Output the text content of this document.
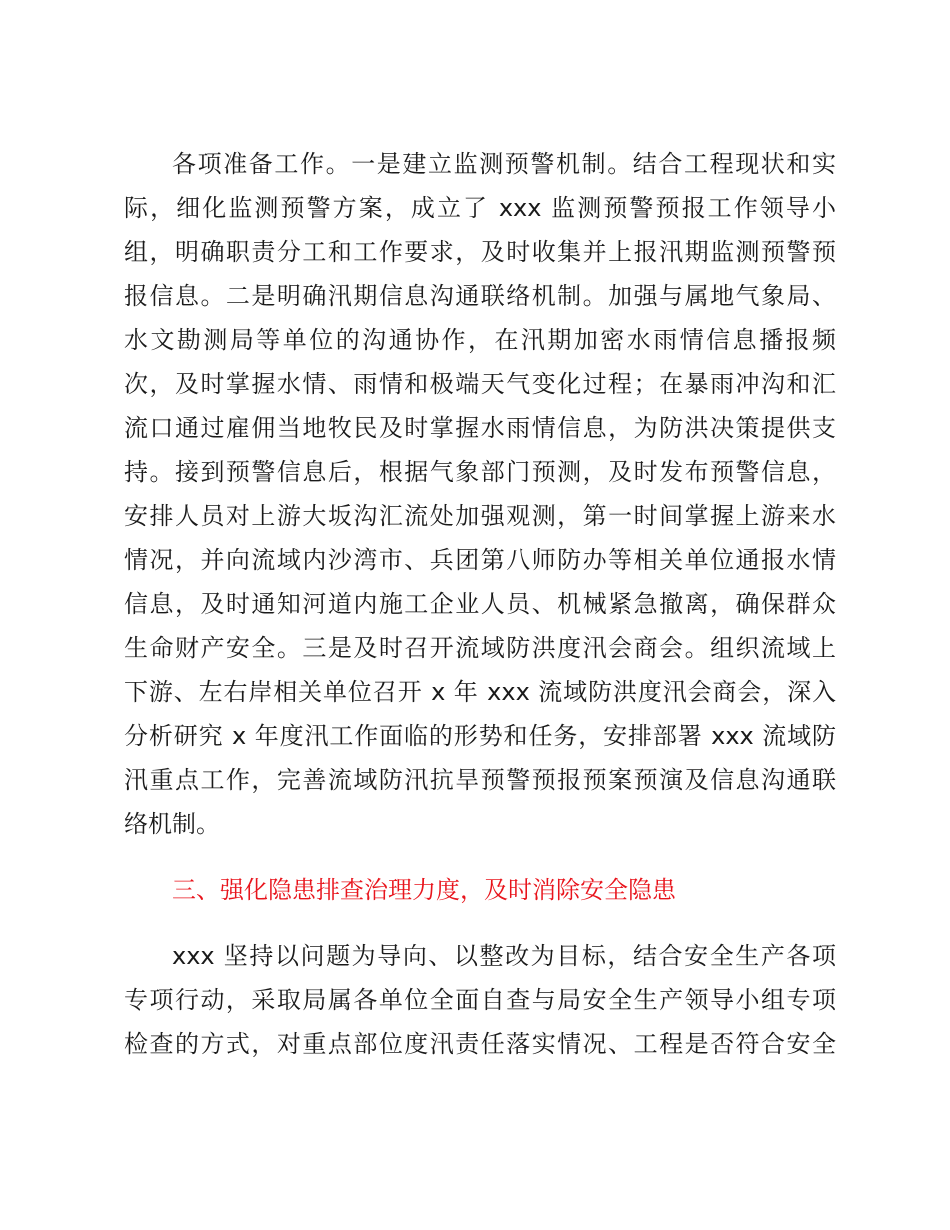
各项准备工作。一是建立监测预警机制。结合工程现状和实
际，细化监测预警方案，成立了 xxx 监测预警预报工作领导小
组，明确职责分工和工作要求，及时收集并上报汛期监测预警预
报信息。二是明确汛期信息沟通联络机制。加强与属地气象局、
水文勘测局等单位的沟通协作，在汛期加密水雨情信息播报频
次，及时掌握水情、雨情和极端天气变化过程；在暴雨冲沟和汇
流口通过雇佣当地牧民及时掌握水雨情信息，为防洪决策提供支
持。接到预警信息后，根据气象部门预测，及时发布预警信息，
安排人员对上游大坂沟汇流处加强观测，第一时间掌握上游来水
情况，并向流域内沙湾市、兵团第八师防办等相关单位通报水情
信息，及时通知河道内施工企业人员、机械紧急撤离，确保群众
生命财产安全。三是及时召开流域防洪度汛会商会。组织流域上
下游、左右岸相关单位召开 x 年 xxx 流域防洪度汛会商会，深入
分析研究 x 年度汛工作面临的形势和任务，安排部署 xxx 流域防
汛重点工作，完善流域防汛抗旱预警预报预案预演及信息沟通联
络机制。
三、强化隐患排查治理力度，及时消除安全隐患
xxx 坚持以问题为导向、以整改为目标，结合安全生产各项
专项行动，采取局属各单位全面自查与局安全生产领导小组专项
检查的方式，对重点部位度汛责任落实情况、工程是否符合安全
